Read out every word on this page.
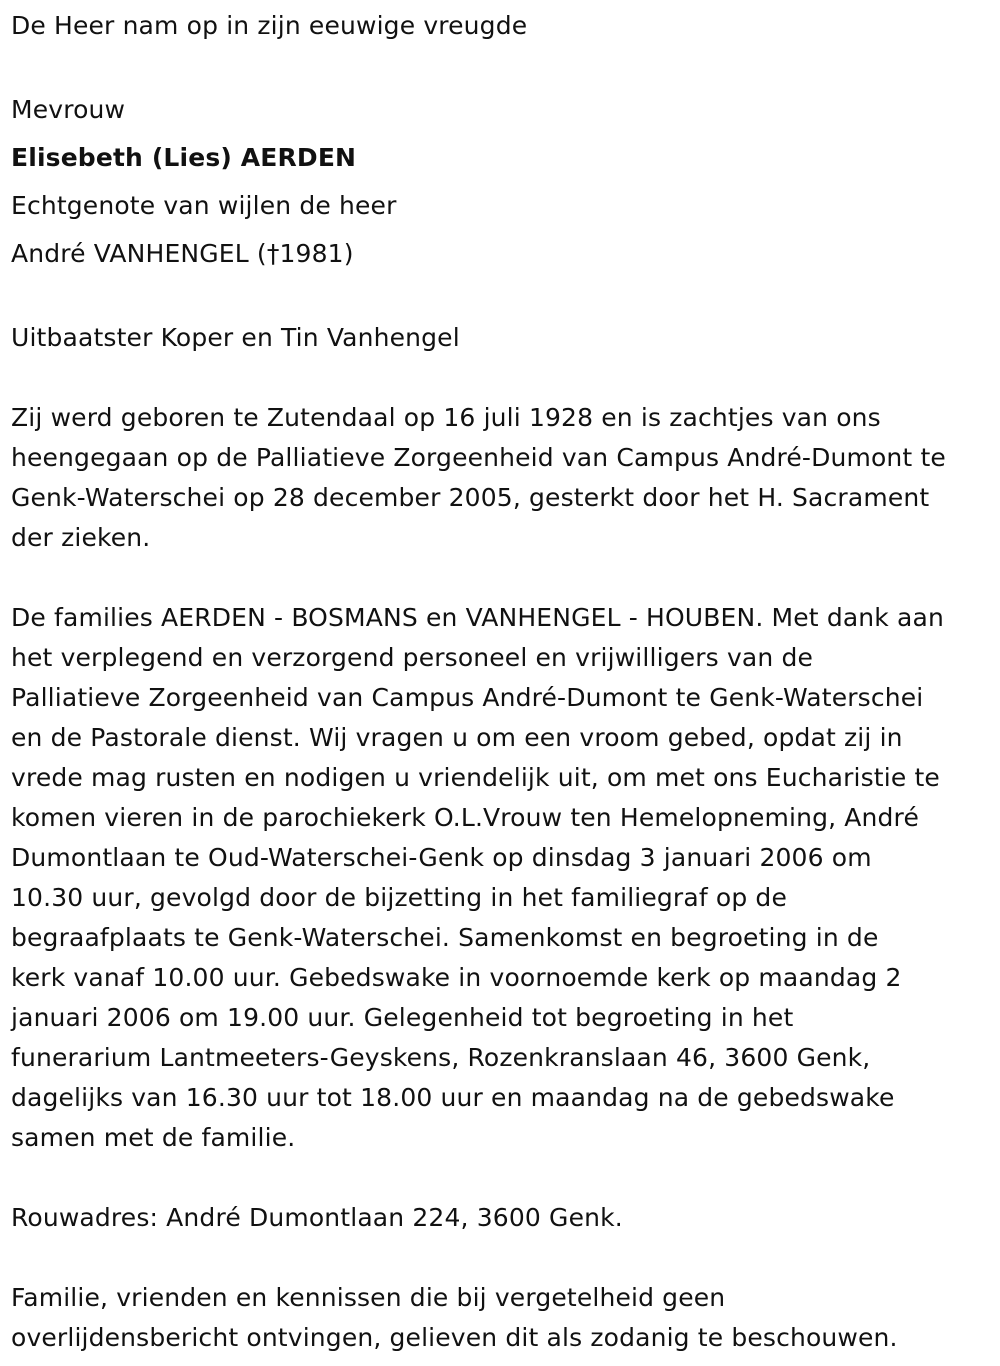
De Heer nam op in zijn eeuwige vreugde

Mevrouw

Elisebeth (Lies) AERDEN

Echtgenote van wijlen de heer

André VANHENGEL (†1981)

Uitbaatster Koper en Tin Vanhengel

Zij werd geboren te Zutendaal op 16 juli 1928 en is zachtjes van ons

heengegaan op de Palliatieve Zorgeenheid van Campus André-Dumont te

Genk-Waterschei op 28 december 2005, gesterkt door het H. Sacrament

der zieken.

De families AERDEN - BOSMANS en VANHENGEL - HOUBEN. Met dank aan

het verplegend en verzorgend personeel en vrijwilligers van de

Palliatieve Zorgeenheid van Campus André-Dumont te Genk-Waterschei

en de Pastorale dienst. Wij vragen u om een vroom gebed, opdat zij in

vrede mag rusten en nodigen u vriendelijk uit, om met ons Eucharistie te

komen vieren in de parochiekerk O.L.Vrouw ten Hemelopneming, André

Dumontlaan te Oud-Waterschei-Genk op dinsdag 3 januari 2006 om

10.30 uur, gevolgd door de bijzetting in het familiegraf op de

begraafplaats te Genk-Waterschei. Samenkomst en begroeting in de

kerk vanaf 10.00 uur. Gebedswake in voornoemde kerk op maandag 2

januari 2006 om 19.00 uur. Gelegenheid tot begroeting in het

funerarium Lantmeeters-Geyskens, Rozenkranslaan 46, 3600 Genk,

dagelijks van 16.30 uur tot 18.00 uur en maandag na de gebedswake

samen met de familie.

Rouwadres: André Dumontlaan 224, 3600 Genk.

Familie, vrienden en kennissen die bij vergetelheid geen

overlijdensbericht ontvingen, gelieven dit als zodanig te beschouwen.
